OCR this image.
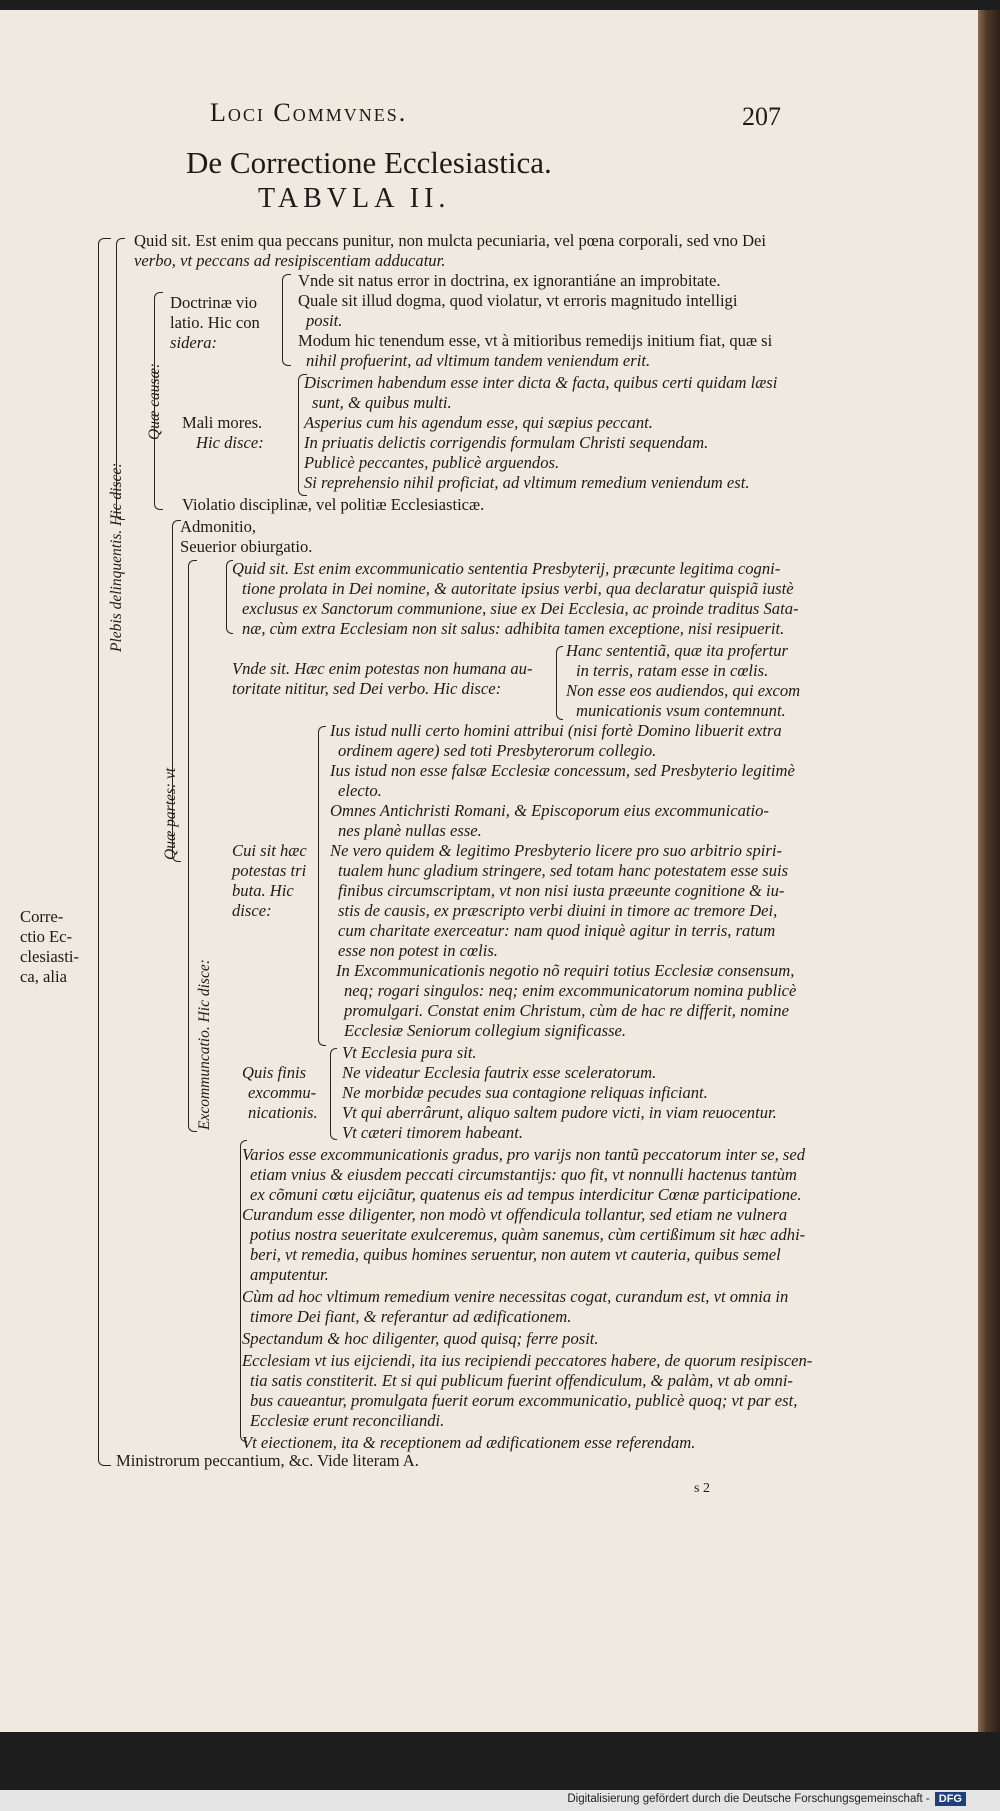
Loci Commvnes.	207
De Correctione Ecclesiastica.
TABVLA II.
Corre-
ctio Ec-
clesiasti-
ca, alia
Plebis delinquentis. Hic disce:
Quæ causæ:
Quæ partes: vt
Excommuncatio. Hic disce:
Quid sit. Est enim qua peccans punitur, non mulcta pecuniaria, vel pœna corporali, sed vno Dei
verbo, vt peccans ad resipiscentiam adducatur.
Doctrinæ vio
latio. Hic con
sidera:
Vnde sit natus error in doctrina, ex ignorantiáne an improbitate.
Quale sit illud dogma, quod violatur, vt erroris magnitudo intelligi
posit.
Modum hic tenendum esse, vt à mitioribus remedijs initium fiat, quæ si
nihil profuerint, ad vltimum tandem veniendum erit.
Mali mores.
Hic disce:
Discrimen habendum esse inter dicta & facta, quibus certi quidam læsi
sunt, & quibus multi.
Asperius cum his agendum esse, qui sæpius peccant.
In priuatis delictis corrigendis formulam Christi sequendam.
Publicè peccantes, publicè arguendos.
Si reprehensio nihil proficiat, ad vltimum remedium veniendum est.
Violatio disciplinæ, vel politiæ Ecclesiasticæ.
Admonitio,
Seuerior obiurgatio.
Quid sit. Est enim excommunicatio sententia Presbyterij, præcunte legitima cogni-
tione prolata in Dei nomine, & autoritate ipsius verbi, qua declaratur quispiã iustè
exclusus ex Sanctorum communione, siue ex Dei Ecclesia, ac proinde traditus Sata-
næ, cùm extra Ecclesiam non sit salus: adhibita tamen exceptione, nisi resipuerit.
Vnde sit. Hæc enim potestas non humana au-
toritate nititur, sed Dei verbo. Hic disce:
Hanc sententiã, quæ ita profertur
in terris, ratam esse in cœlis.
Non esse eos audiendos, qui excom
municationis vsum contemnunt.
Cui sit hæc
potestas tri
buta. Hic
disce:
Ius istud nulli certo homini attribui (nisi fortè Domino libuerit extra
ordinem agere) sed toti Presbyterorum collegio.
Ius istud non esse falsæ Ecclesiæ concessum, sed Presbyterio legitimè
electo.
Omnes Antichristi Romani, & Episcoporum eius excommunicatio-
nes planè nullas esse.
Ne vero quidem & legitimo Presbyterio licere pro suo arbitrio spiri-
tualem hunc gladium stringere, sed totam hanc potestatem esse suis
finibus circumscriptam, vt non nisi iusta præeunte cognitione & iu-
stis de causis, ex præscripto verbi diuini in timore ac tremore Dei,
cum charitate exerceatur: nam quod iniquè agitur in terris, ratum
esse non potest in cœlis.
In Excommunicationis negotio nõ requiri totius Ecclesiæ consensum,
neq; rogari singulos: neq; enim excommunicatorum nomina publicè
promulgari. Constat enim Christum, cùm de hac re differit, nomine
Ecclesiæ Seniorum collegium significasse.
Quis finis
excommu-
nicationis.
Vt Ecclesia pura sit.
Ne videatur Ecclesia fautrix esse sceleratorum.
Ne morbidæ pecudes sua contagione reliquas inficiant.
Vt qui aberrârunt, aliquo saltem pudore victi, in viam reuocentur.
Vt cæteri timorem habeant.
Varios esse excommunicationis gradus, pro varijs non tantũ peccatorum inter se, sed
etiam vnius & eiusdem peccati circumstantijs: quo fit, vt nonnulli hactenus tantùm
ex cõmuni cœtu eijciãtur, quatenus eis ad tempus interdicitur Cœnæ participatione.
Curandum esse diligenter, non modò vt offendicula tollantur, sed etiam ne vulnera
potius nostra seueritate exulceremus, quàm sanemus, cùm certißimum sit hæc adhi-
beri, vt remedia, quibus homines seruentur, non autem vt cauteria, quibus semel
amputentur.
Cùm ad hoc vltimum remedium venire necessitas cogat, curandum est, vt omnia in
timore Dei fiant, & referantur ad ædificationem.
Spectandum & hoc diligenter, quod quisq; ferre posit.
Ecclesiam vt ius eijciendi, ita ius recipiendi peccatores habere, de quorum resipiscen-
tia satis constiterit. Et si qui publicum fuerint offendiculum, & palàm, vt ab omni-
bus caueantur, promulgata fuerit eorum excommunicatio, publicè quoq; vt par est,
Ecclesiæ erunt reconciliandi.
Vt eiectionem, ita & receptionem ad ædificationem esse referendam.
Ministrorum peccantium, &c. Vide literam A.
s 2
Digitalisierung gefördert durch die Deutsche Forschungsgemeinschaft - DFG
